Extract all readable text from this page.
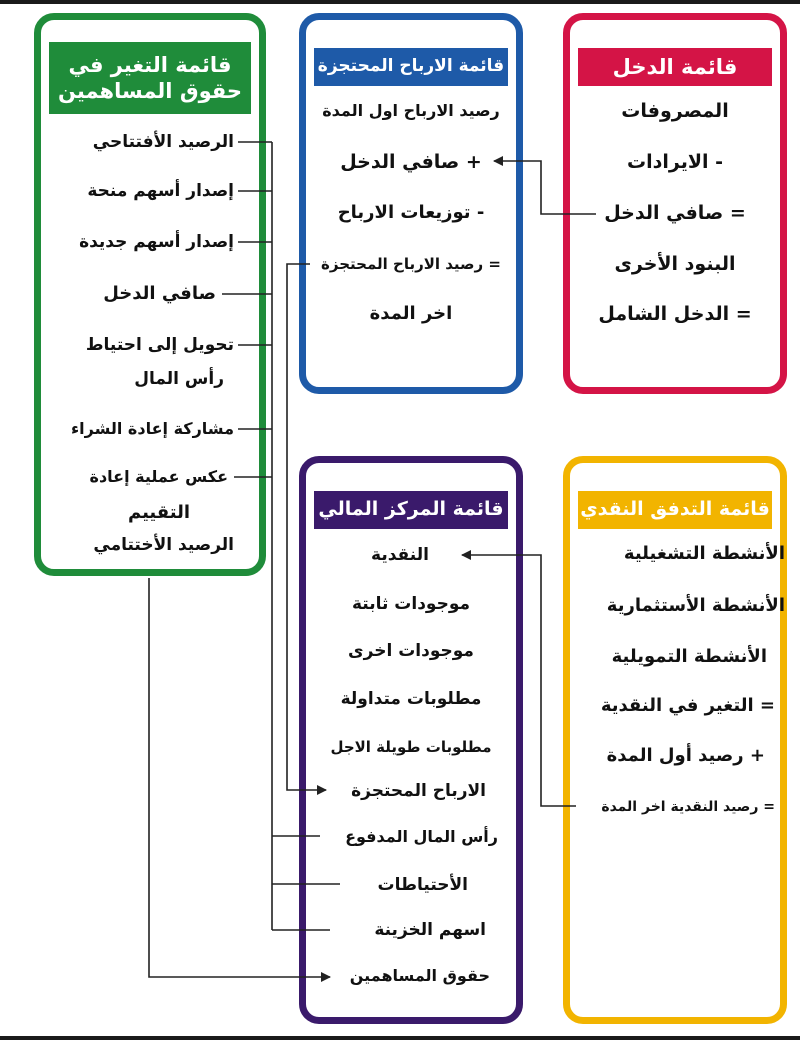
قائمة الدخل
قائمة الارباح المحتجزة
قائمة التغير في
حقوق المساهمين
قائمة التدفق النقدي
قائمة المركز المالي
المصروفات
- الايرادات
= صافي الدخل
البنود الأخرى
= الدخل الشامل
رصيد الارباح اول المدة
+ صافي الدخل
- توزيعات الارباح
= رصيد الارباح المحتجزة
اخر المدة
الرصيد الأفتتاحي
إصدار أسهم منحة
إصدار أسهم جديدة
صافي الدخل
تحويل إلى احتياط
رأس المال
مشاركة إعادة الشراء
عكس عملية إعادة
التقييم
الرصيد الأختتامي	الأنشطة التشغيلية
الأنشطة الأستثمارية
الأنشطة التمويلية
= التغير في النقدية
+ رصيد أول المدة
= رصيد النقدية اخر المدة
النقدية
موجودات ثابتة
موجودات اخرى
مطلوبات متداولة
مطلوبات طويلة الاجل
الارباح المحتجزة
رأس المال المدفوع
الأحتياطات
اسهم الخزينة
حقوق المساهمين
